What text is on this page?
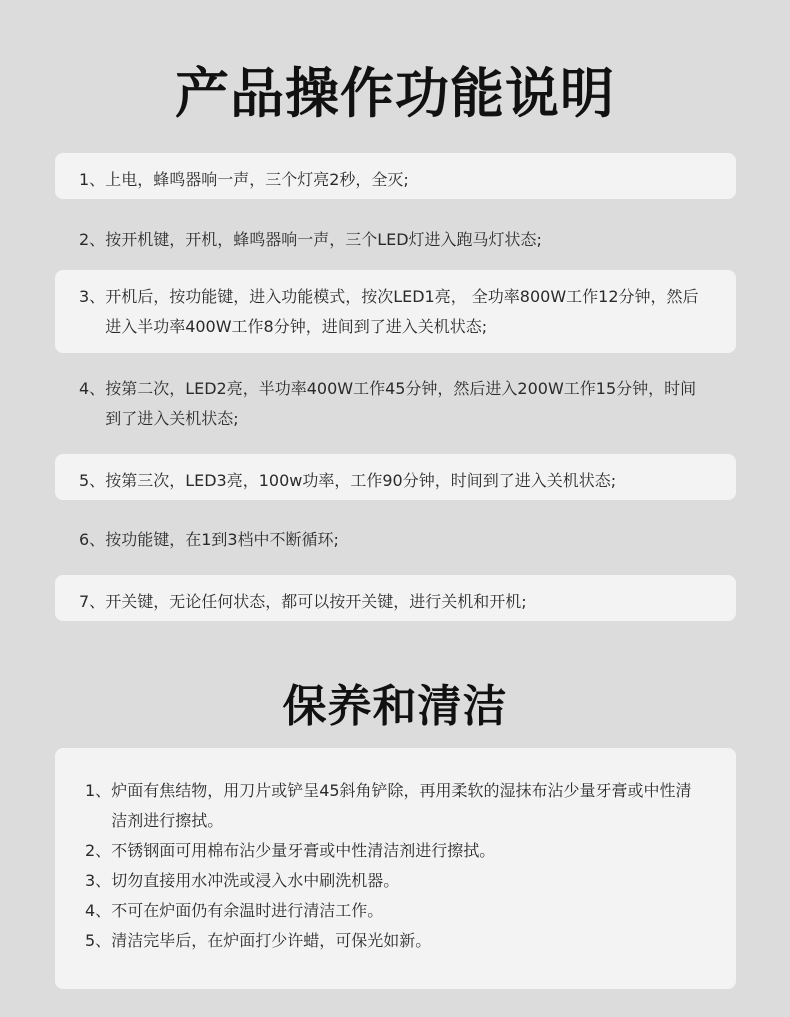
产品操作功能说明
1、 上电，蜂鸣器响一声，三个灯亮2秒，全灭;
2、 按开机键，开机，蜂鸣器响一声，三个LED灯进入跑马灯状态;
3、 开机后，按功能键，进入功能模式，按次LED1亮， 全功率800W工作12分钟，然后进入半功率400W工作8分钟，进间到了进入关机状态;
4、 按第二次，LED2亮，半功率400W工作45分钟，然后进入200W工作15分钟，时间到了进入关机状态;
5、 按第三次，LED3亮，100w功率，工作90分钟，时间到了进入关机状态;
6、 按功能键，在1到3档中不断循环;
7、 开关键，无论任何状态，都可以按开关键，进行关机和开机;
保养和清洁
1、 炉面有焦结物，用刀片或铲呈45斜角铲除，再用柔软的湿抹布沾少量牙膏或中性清洁剂进行擦拭。
2、 不锈钢面可用棉布沾少量牙膏或中性清洁剂进行擦拭。
3、 切勿直接用水冲洗或浸入水中刷洗机器。
4、 不可在炉面仍有余温时进行清洁工作。
5、 清洁完毕后，在炉面打少许蜡，可保光如新。
